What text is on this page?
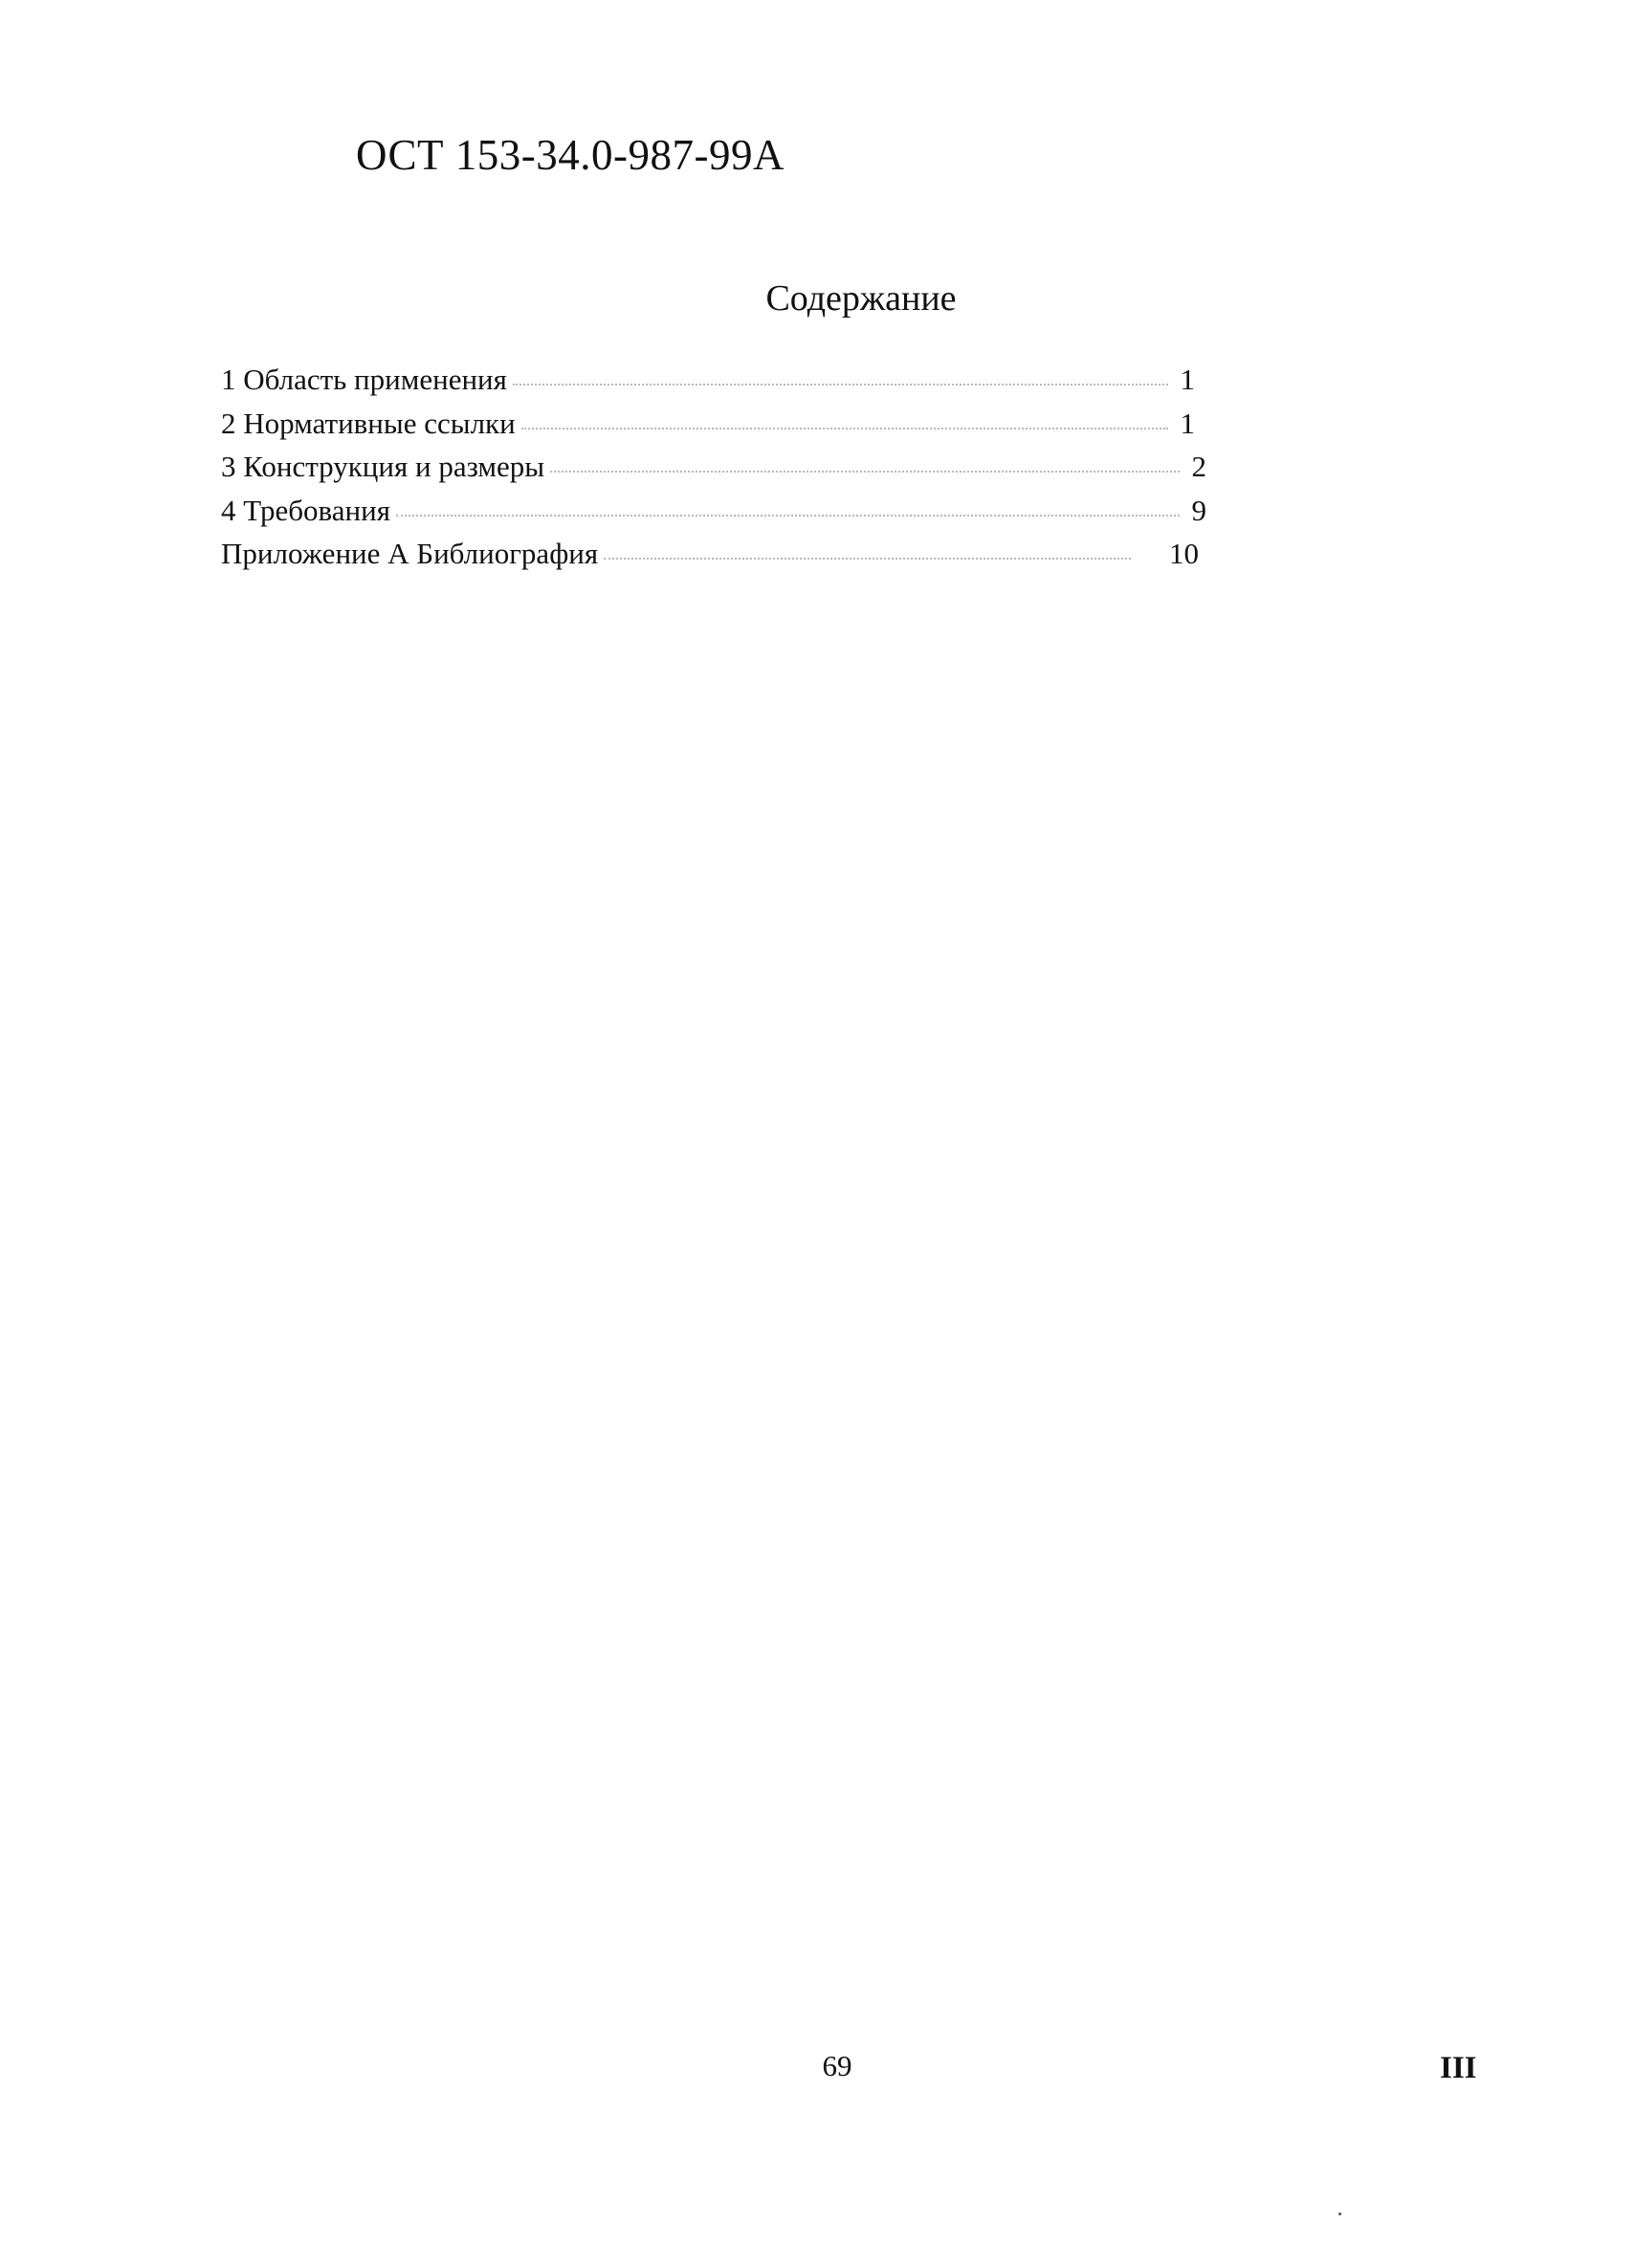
ОСТ 153-34.0-987-99А
Содержание
1 Область применения	1
2 Нормативные ссылки	1
3 Конструкция и размеры	2
4 Требования	9
Приложение А Библиография	10
69	III
